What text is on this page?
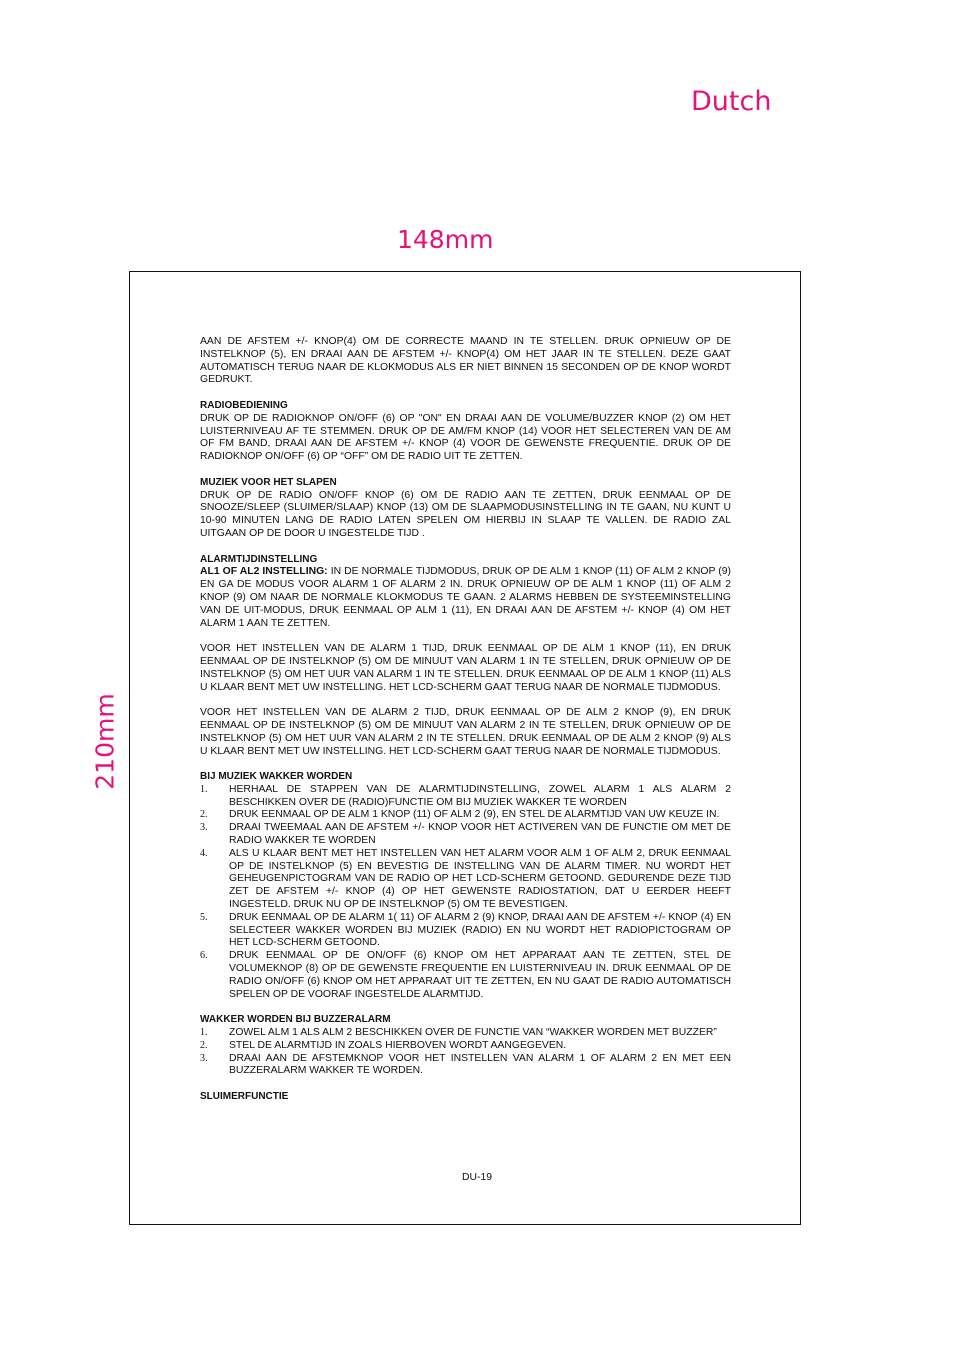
Dutch
148mm
210mm

AAN DE AFSTEM +/- KNOP(4) OM DE CORRECTE MAAND IN TE STELLEN. DRUK OPNIEUW OP DE INSTELKNOP (5), EN DRAAI AAN DE AFSTEM +/- KNOP(4) OM HET JAAR IN TE STELLEN. DEZE GAAT AUTOMATISCH TERUG NAAR DE KLOKMODUS ALS ER NIET BINNEN 15 SECONDEN OP DE KNOP WORDT GEDRUKT.

RADIOBEDIENING

DRUK OP DE RADIOKNOP ON/OFF (6) OP "ON" EN DRAAI AAN DE VOLUME/BUZZER KNOP (2) OM HET LUISTERNIVEAU AF TE STEMMEN. DRUK OP DE AM/FM KNOP (14) VOOR HET SELECTEREN VAN DE AM OF FM BAND, DRAAI AAN DE AFSTEM +/- KNOP (4) VOOR DE GEWENSTE FREQUENTIE. DRUK OP DE RADIOKNOP ON/OFF (6) OP “OFF” OM DE RADIO UIT TE ZETTEN.

MUZIEK VOOR HET SLAPEN

DRUK OP DE RADIO ON/OFF KNOP (6) OM DE RADIO AAN TE ZETTEN, DRUK EENMAAL OP DE SNOOZE/SLEEP (SLUIMER/SLAAP) KNOP (13) OM DE SLAAPMODUSINSTELLING IN TE GAAN, NU KUNT U 10-90 MINUTEN LANG DE RADIO LATEN SPELEN OM HIERBIJ IN SLAAP TE VALLEN. DE RADIO ZAL UITGAAN OP DE DOOR U INGESTELDE TIJD .

ALARMTIJDINSTELLING

AL1 OF AL2 INSTELLING: IN DE NORMALE TIJDMODUS, DRUK OP DE ALM 1 KNOP (11) OF ALM 2 KNOP (9) EN GA DE MODUS VOOR ALARM 1 OF ALARM 2 IN. DRUK OPNIEUW OP DE ALM 1 KNOP (11) OF ALM 2 KNOP (9) OM NAAR DE NORMALE KLOKMODUS TE GAAN. 2 ALARMS HEBBEN DE SYSTEEMINSTELLING VAN DE UIT-MODUS, DRUK EENMAAL OP ALM 1 (11), EN DRAAI AAN DE AFSTEM +/- KNOP (4) OM HET ALARM 1 AAN TE ZETTEN.

VOOR HET INSTELLEN VAN DE ALARM 1 TIJD, DRUK EENMAAL OP DE ALM 1 KNOP (11), EN DRUK EENMAAL OP DE INSTELKNOP (5) OM DE MINUUT VAN ALARM 1 IN TE STELLEN, DRUK OPNIEUW OP DE INSTELKNOP (5) OM HET UUR VAN ALARM 1 IN TE STELLEN. DRUK EENMAAL OP DE ALM 1 KNOP (11) ALS U KLAAR BENT MET UW INSTELLING. HET LCD-SCHERM GAAT TERUG NAAR DE NORMALE TIJDMODUS.

VOOR HET INSTELLEN VAN DE ALARM 2 TIJD, DRUK EENMAAL OP DE ALM 2 KNOP (9), EN DRUK EENMAAL OP DE INSTELKNOP (5) OM DE MINUUT VAN ALARM 2 IN TE STELLEN, DRUK OPNIEUW OP DE INSTELKNOP (5) OM HET UUR VAN ALARM 2 IN TE STELLEN. DRUK EENMAAL OP DE ALM 2 KNOP (9) ALS U KLAAR BENT MET UW INSTELLING. HET LCD-SCHERM GAAT TERUG NAAR DE NORMALE TIJDMODUS.

BIJ MUZIEK WAKKER WORDEN
1. HERHAAL DE STAPPEN VAN DE ALARMTIJDINSTELLING, ZOWEL ALARM 1 ALS ALARM 2 BESCHIKKEN OVER DE (RADIO)FUNCTIE OM BIJ MUZIEK WAKKER TE WORDEN
2. DRUK EENMAAL OP DE ALM 1 KNOP (11) OF ALM 2 (9), EN STEL DE ALARMTIJD VAN UW KEUZE IN.
3. DRAAI TWEEMAAL AAN DE AFSTEM +/- KNOP VOOR HET ACTIVEREN VAN DE FUNCTIE OM MET DE RADIO WAKKER TE WORDEN
4. ALS U KLAAR BENT MET HET INSTELLEN VAN HET ALARM VOOR ALM 1 OF ALM 2, DRUK EENMAAL OP DE INSTELKNOP (5) EN BEVESTIG DE INSTELLING VAN DE ALARM TIMER. NU WORDT HET GEHEUGENPICTOGRAM VAN DE RADIO OP HET LCD-SCHERM GETOOND. GEDURENDE DEZE TIJD ZET DE AFSTEM +/- KNOP (4) OP HET GEWENSTE RADIOSTATION, DAT U EERDER HEEFT INGESTELD. DRUK NU OP DE INSTELKNOP (5) OM TE BEVESTIGEN.
5. DRUK EENMAAL OP DE ALARM 1( 11) OF ALARM 2 (9) KNOP, DRAAI AAN DE AFSTEM +/- KNOP (4) EN SELECTEER WAKKER WORDEN BIJ MUZIEK (RADIO) EN NU WORDT HET RADIOPICTOGRAM OP HET LCD-SCHERM GETOOND.
6. DRUK EENMAAL OP DE ON/OFF (6) KNOP OM HET APPARAAT AAN TE ZETTEN, STEL DE VOLUMEKNOP (8) OP DE GEWENSTE FREQUENTIE EN LUISTERNIVEAU IN. DRUK EENMAAL OP DE RADIO ON/OFF (6) KNOP OM HET APPARAAT UIT TE ZETTEN, EN NU GAAT DE RADIO AUTOMATISCH SPELEN OP DE VOORAF INGESTELDE ALARMTIJD.
WAKKER WORDEN BIJ BUZZERALARM
1. ZOWEL ALM 1 ALS ALM 2 BESCHIKKEN OVER DE FUNCTIE VAN “WAKKER WORDEN MET BUZZER”
2. STEL DE ALARMTIJD IN ZOALS HIERBOVEN WORDT AANGEGEVEN.
3. DRAAI AAN DE AFSTEMKNOP VOOR HET INSTELLEN VAN ALARM 1 OF ALARM 2 EN MET EEN BUZZERALARM WAKKER TE WORDEN.
SLUIMERFUNCTIE
DU-19
